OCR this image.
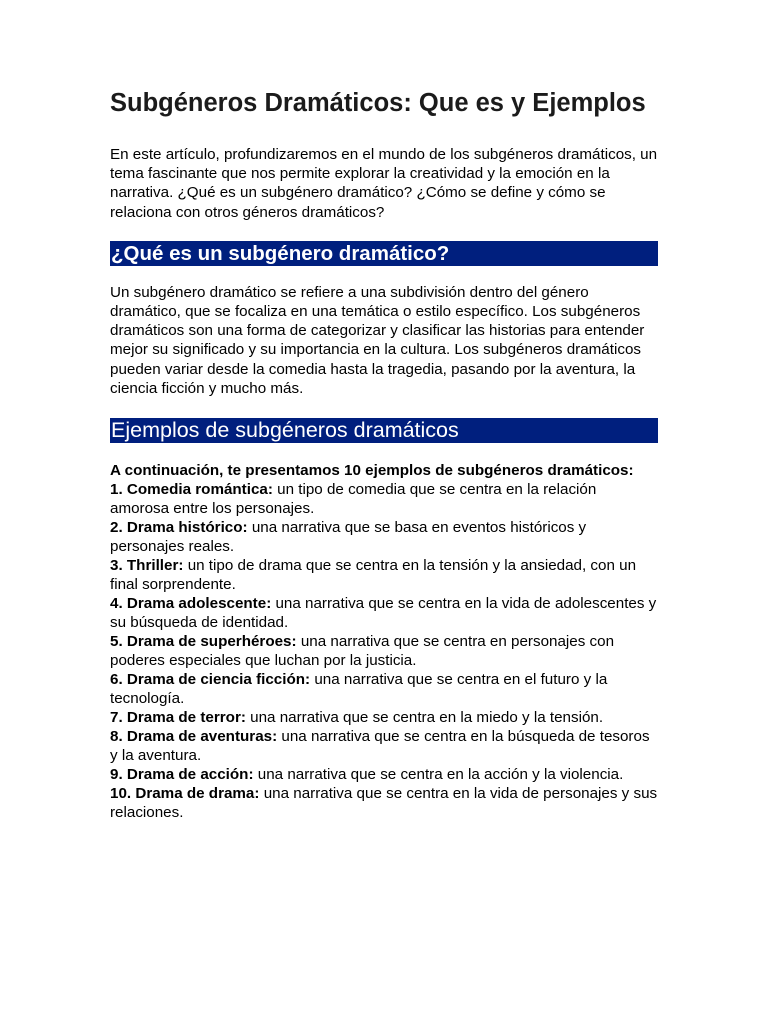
Subgéneros Dramáticos: Que es y Ejemplos

En este artículo, profundizaremos en el mundo de los subgéneros dramáticos, un tema fascinante que nos permite explorar la creatividad y la emoción en la narrativa. ¿Qué es un subgénero dramático? ¿Cómo se define y cómo se relaciona con otros géneros dramáticos?

¿Qué es un subgénero dramático?

Un subgénero dramático se refiere a una subdivisión dentro del género dramático, que se focaliza en una temática o estilo específico. Los subgéneros dramáticos son una forma de categorizar y clasificar las historias para entender mejor su significado y su importancia en la cultura. Los subgéneros dramáticos pueden variar desde la comedia hasta la tragedia, pasando por la aventura, la ciencia ficción y mucho más.

Ejemplos de subgéneros dramáticos

A continuación, te presentamos 10 ejemplos de subgéneros dramáticos:

1. Comedia romántica: un tipo de comedia que se centra en la relación amorosa entre los personajes.
2. Drama histórico: una narrativa que se basa en eventos históricos y personajes reales.
3. Thriller: un tipo de drama que se centra en la tensión y la ansiedad, con un final sorprendente.
4. Drama adolescente: una narrativa que se centra en la vida de adolescentes y su búsqueda de identidad.
5. Drama de superhéroes: una narrativa que se centra en personajes con poderes especiales que luchan por la justicia.
6. Drama de ciencia ficción: una narrativa que se centra en el futuro y la tecnología.
7. Drama de terror: una narrativa que se centra en la miedo y la tensión.
8. Drama de aventuras: una narrativa que se centra en la búsqueda de tesoros y la aventura.
9. Drama de acción: una narrativa que se centra en la acción y la violencia.
10. Drama de drama: una narrativa que se centra en la vida de personajes y sus relaciones.
